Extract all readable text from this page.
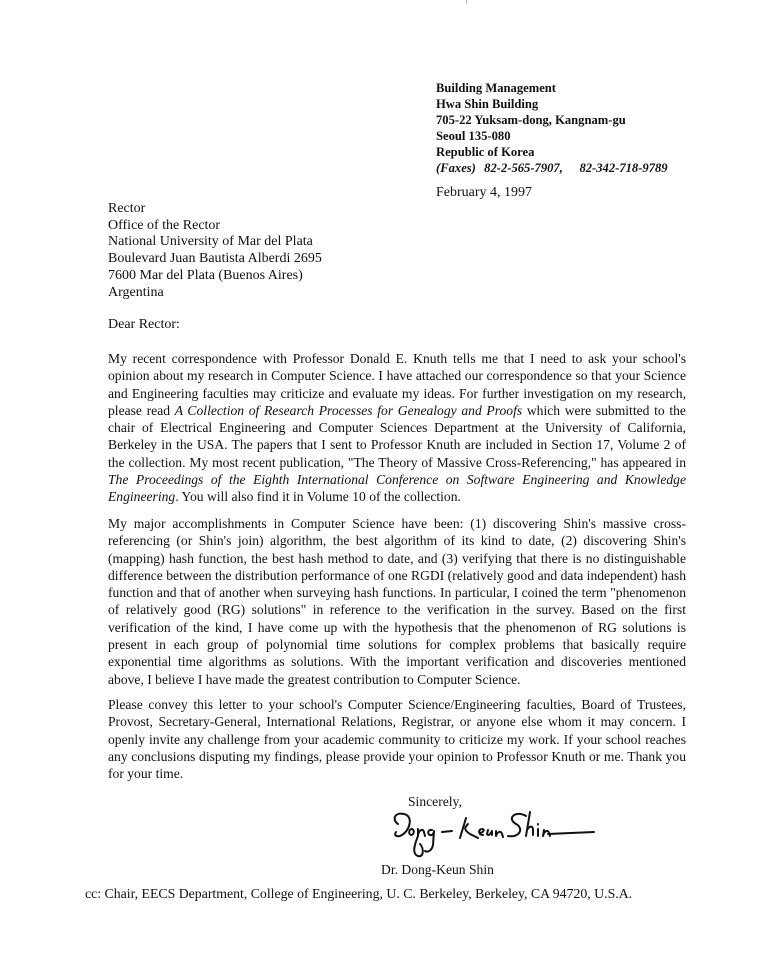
Building Management
Hwa Shin Building
705-22 Yuksam-dong, Kangnam-gu
Seoul 135-080
Republic of Korea
(Faxes) 82-2-565-7907,    82-342-718-9789
February 4, 1997
Rector
Office of the Rector
National University of Mar del Plata
Boulevard Juan Bautista Alberdi 2695
7600 Mar del Plata (Buenos Aires)
Argentina
Dear Rector:

My recent correspondence with Professor Donald E. Knuth tells me that I need to ask your school's opinion about my research in Computer Science. I have attached our correspondence so that your Science and Engineering faculties may criticize and evaluate my ideas. For further investigation on my research, please read A Collection of Research Processes for Genealogy and Proofs which were submitted to the chair of Electrical Engineering and Computer Sciences Department at the University of California, Berkeley in the USA. The papers that I sent to Professor Knuth are included in Section 17, Volume 2 of the collection. My most recent publication, "The Theory of Massive Cross-Referencing," has appeared in The Proceedings of the Eighth International Conference on Software Engineering and Knowledge Engineering. You will also find it in Volume 10 of the collection.

My major accomplishments in Computer Science have been: (1) discovering Shin's massive cross-referencing (or Shin's join) algorithm, the best algorithm of its kind to date, (2) discovering Shin's (mapping) hash function, the best hash method to date, and (3) verifying that there is no distinguishable difference between the distribution performance of one RGDI (relatively good and data independent) hash function and that of another when surveying hash functions. In particular, I coined the term "phenomenon of relatively good (RG) solutions" in reference to the verification in the survey. Based on the first verification of the kind, I have come up with the hypothesis that the phenomenon of RG solutions is present in each group of polynomial time solutions for complex problems that basically require exponential time algorithms as solutions. With the important verification and discoveries mentioned above, I believe I have made the greatest contribution to Computer Science.

Please convey this letter to your school's Computer Science/Engineering faculties, Board of Trustees, Provost, Secretary-General, International Relations, Registrar, or anyone else whom it may concern. I openly invite any challenge from your academic community to criticize my work. If your school reaches any conclusions disputing my findings, please provide your opinion to Professor Knuth or me. Thank you for your time.

Sincerely,
Dr. Dong-Keun Shin
cc: Chair, EECS Department, College of Engineering, U. C. Berkeley, Berkeley, CA 94720, U.S.A.
